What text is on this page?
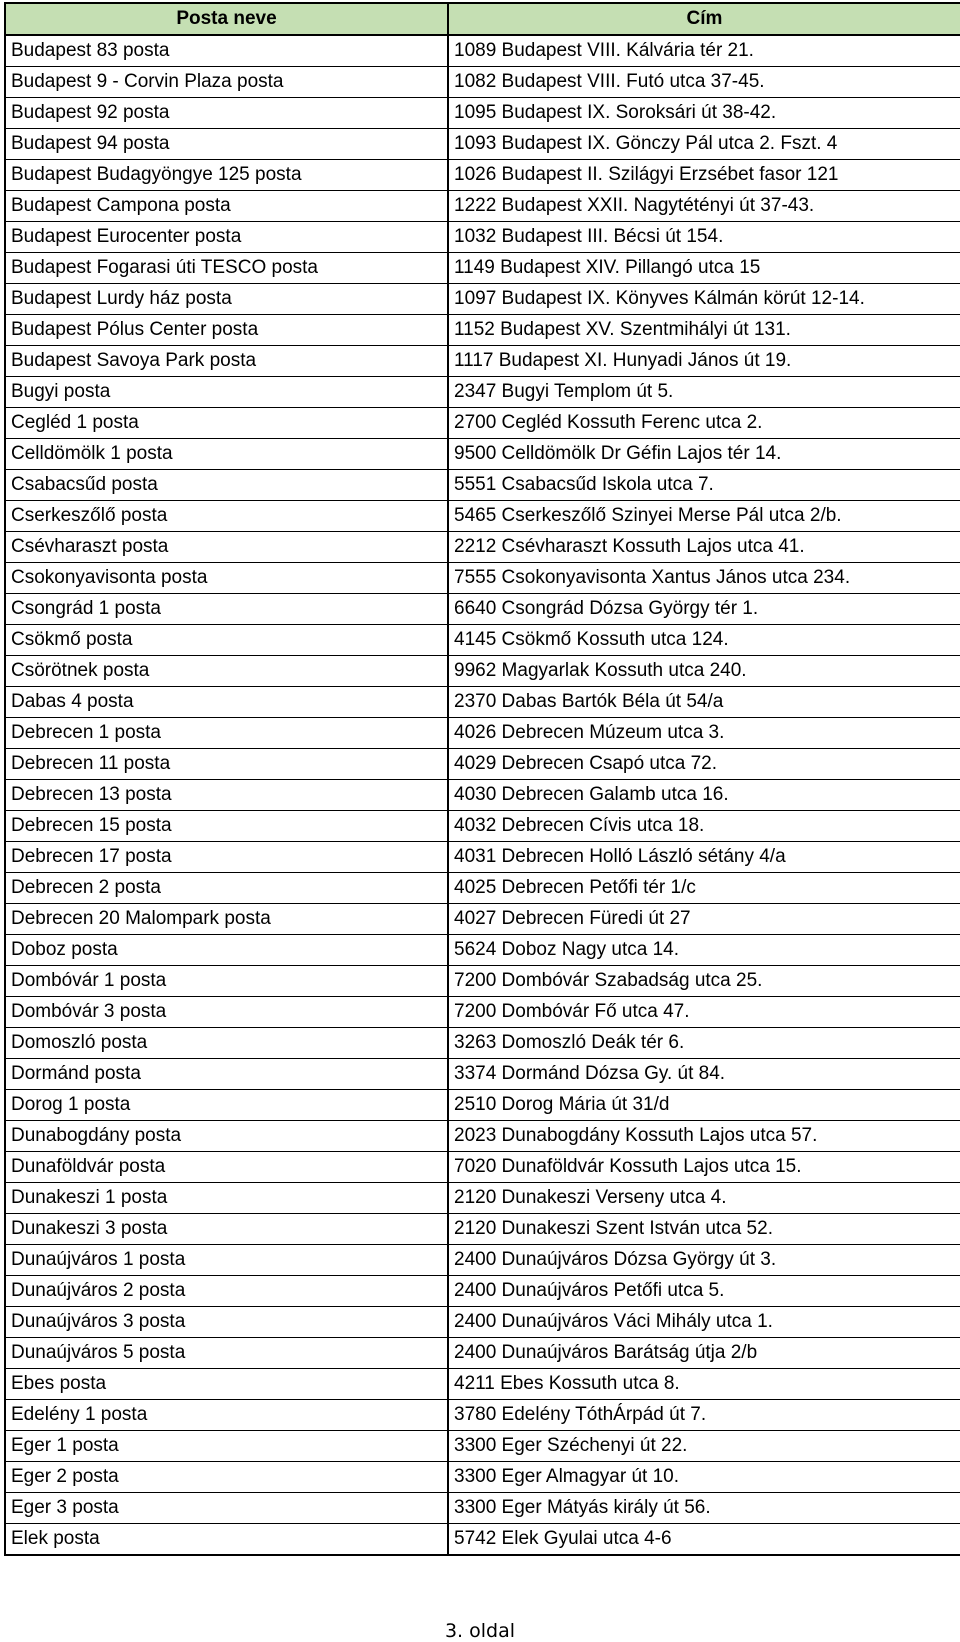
Posta neve	Cím
Budapest 83 posta	1089 Budapest VIII. Kálvária tér 21.
Budapest 9 - Corvin Plaza posta	1082 Budapest VIII. Futó utca 37-45.
Budapest 92 posta	1095 Budapest IX. Soroksári út 38-42.
Budapest 94 posta	1093 Budapest IX. Gönczy Pál utca 2. Fszt. 4
Budapest Budagyöngye 125 posta	1026 Budapest II. Szilágyi Erzsébet fasor 121
Budapest Campona posta	1222 Budapest XXII. Nagytétényi út 37-43.
Budapest Eurocenter posta	1032 Budapest III. Bécsi út 154.
Budapest Fogarasi úti TESCO posta	1149 Budapest XIV. Pillangó utca 15
Budapest Lurdy ház posta	1097 Budapest IX. Könyves Kálmán körút 12-14.
Budapest Pólus Center posta	1152 Budapest XV. Szentmihályi út 131.
Budapest Savoya Park posta	1117 Budapest XI. Hunyadi János út 19.
Bugyi posta	2347 Bugyi Templom út 5.
Cegléd 1 posta	2700 Cegléd Kossuth Ferenc utca 2.
Celldömölk 1 posta	9500 Celldömölk Dr Géfin Lajos tér 14.
Csabacsűd posta	5551 Csabacsűd Iskola utca 7.
Cserkeszőlő posta	5465 Cserkeszőlő Szinyei Merse Pál utca 2/b.
Csévharaszt posta	2212 Csévharaszt Kossuth Lajos utca 41.
Csokonyavisonta posta	7555 Csokonyavisonta Xantus János utca 234.
Csongrád 1 posta	6640 Csongrád Dózsa György tér 1.
Csökmő posta	4145 Csökmő Kossuth utca 124.
Csörötnek posta	9962 Magyarlak Kossuth utca 240.
Dabas 4 posta	2370 Dabas Bartók Béla út 54/a
Debrecen 1 posta	4026 Debrecen Múzeum utca 3.
Debrecen 11 posta	4029 Debrecen Csapó utca 72.
Debrecen 13 posta	4030 Debrecen Galamb utca 16.
Debrecen 15 posta	4032 Debrecen Cívis utca 18.
Debrecen 17 posta	4031 Debrecen Holló László sétány 4/a
Debrecen 2 posta	4025 Debrecen Petőfi tér 1/c
Debrecen 20 Malompark posta	4027 Debrecen Füredi út 27
Doboz posta	5624 Doboz Nagy utca 14.
Dombóvár 1 posta	7200 Dombóvár Szabadság utca 25.
Dombóvár 3 posta	7200 Dombóvár Fő utca 47.
Domoszló posta	3263 Domoszló Deák tér 6.
Dormánd posta	3374 Dormánd Dózsa Gy. út 84.
Dorog 1 posta	2510 Dorog Mária út 31/d
Dunabogdány posta	2023 Dunabogdány Kossuth Lajos utca 57.
Dunaföldvár posta	7020 Dunaföldvár Kossuth Lajos utca 15.
Dunakeszi 1 posta	2120 Dunakeszi Verseny utca 4.
Dunakeszi 3 posta	2120 Dunakeszi Szent István utca 52.
Dunaújváros 1 posta	2400 Dunaújváros Dózsa György út 3.
Dunaújváros 2 posta	2400 Dunaújváros Petőfi utca 5.
Dunaújváros 3 posta	2400 Dunaújváros Váci Mihály utca 1.
Dunaújváros 5 posta	2400 Dunaújváros Barátság útja 2/b
Ebes posta	4211 Ebes Kossuth utca 8.
Edelény 1 posta	3780 Edelény TóthÁrpád út 7.
Eger 1 posta	3300 Eger Széchenyi út 22.
Eger 2 posta	3300 Eger Almagyar út 10.
Eger 3 posta	3300 Eger Mátyás király út 56.
Elek posta	5742 Elek Gyulai utca 4-6
3. oldal
